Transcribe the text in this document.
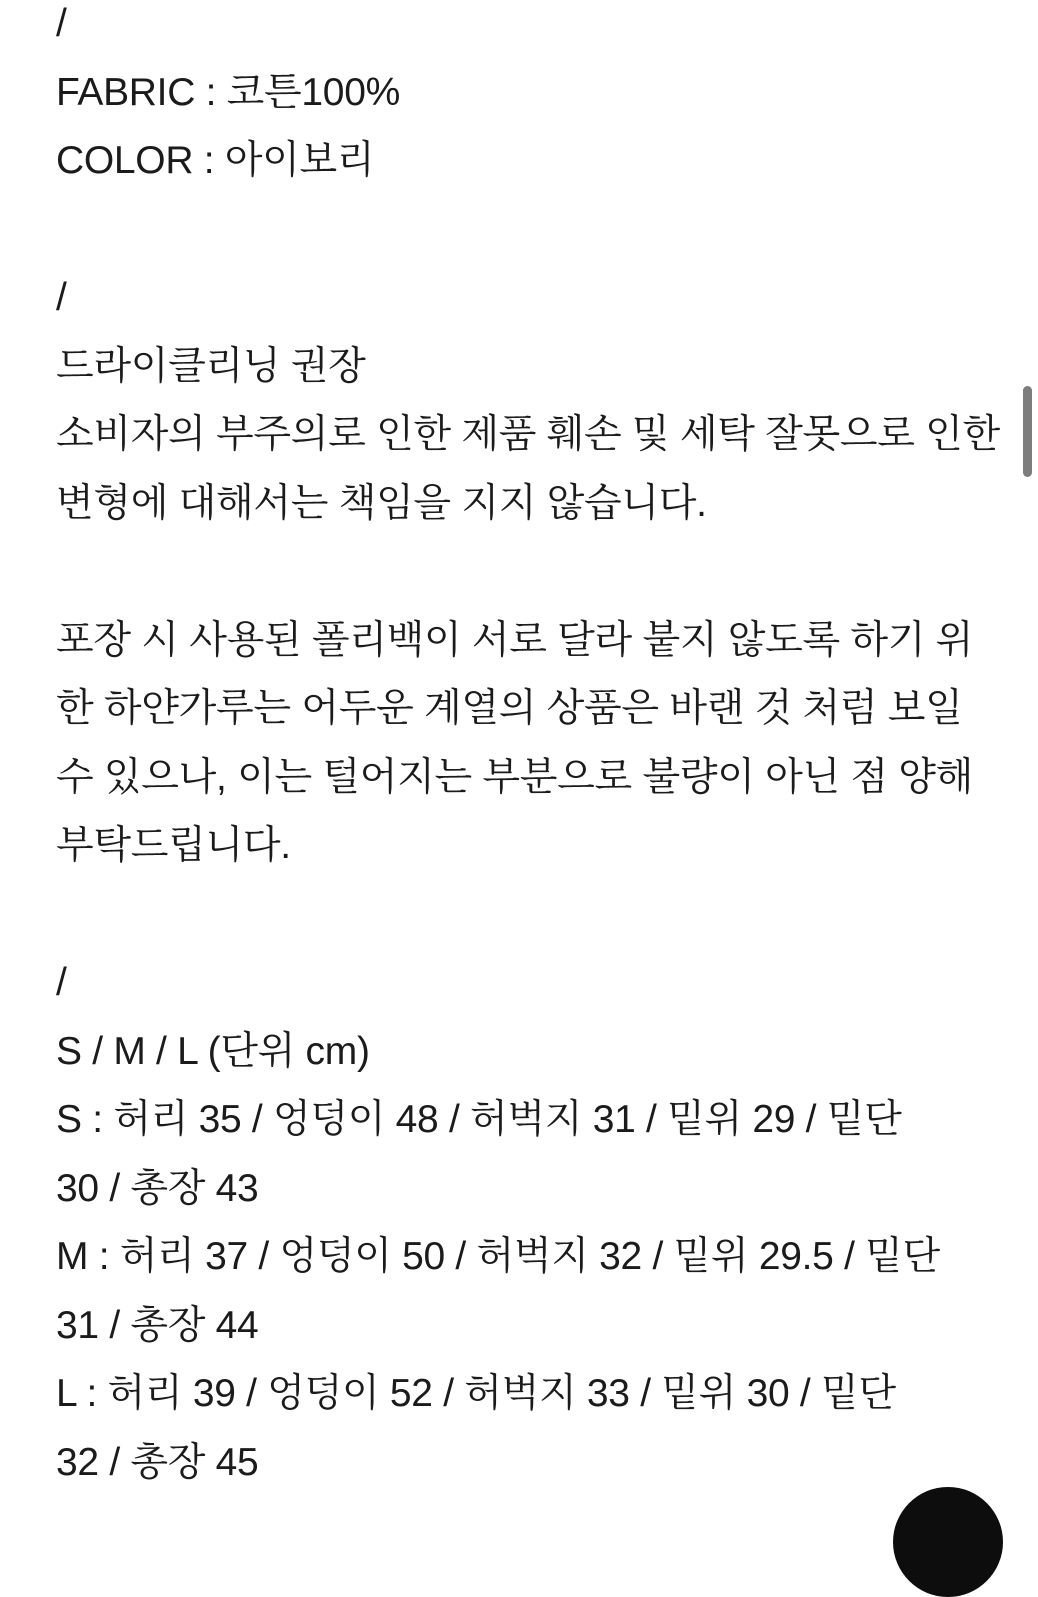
/
FABRIC : 코튼100%
COLOR : 아이보리
/
드라이클리닝 권장
소비자의 부주의로 인한 제품 훼손 및 세탁 잘못으로 인한
변형에 대해서는 책임을 지지 않습니다.
포장 시 사용된 폴리백이 서로 달라 붙지 않도록 하기 위
한 하얀가루는 어두운 계열의 상품은 바랜 것 처럼 보일
수 있으나, 이는 털어지는 부분으로 불량이 아닌 점 양해
부탁드립니다.
/
S / M / L (단위 cm)
S : 허리 35 / 엉덩이 48 / 허벅지 31 / 밑위 29 / 밑단
30 / 총장 43
M : 허리 37 / 엉덩이 50 / 허벅지 32 / 밑위 29.5 / 밑단
31 / 총장 44
L : 허리 39 / 엉덩이 52 / 허벅지 33 / 밑위 30 / 밑단
32 / 총장 45
